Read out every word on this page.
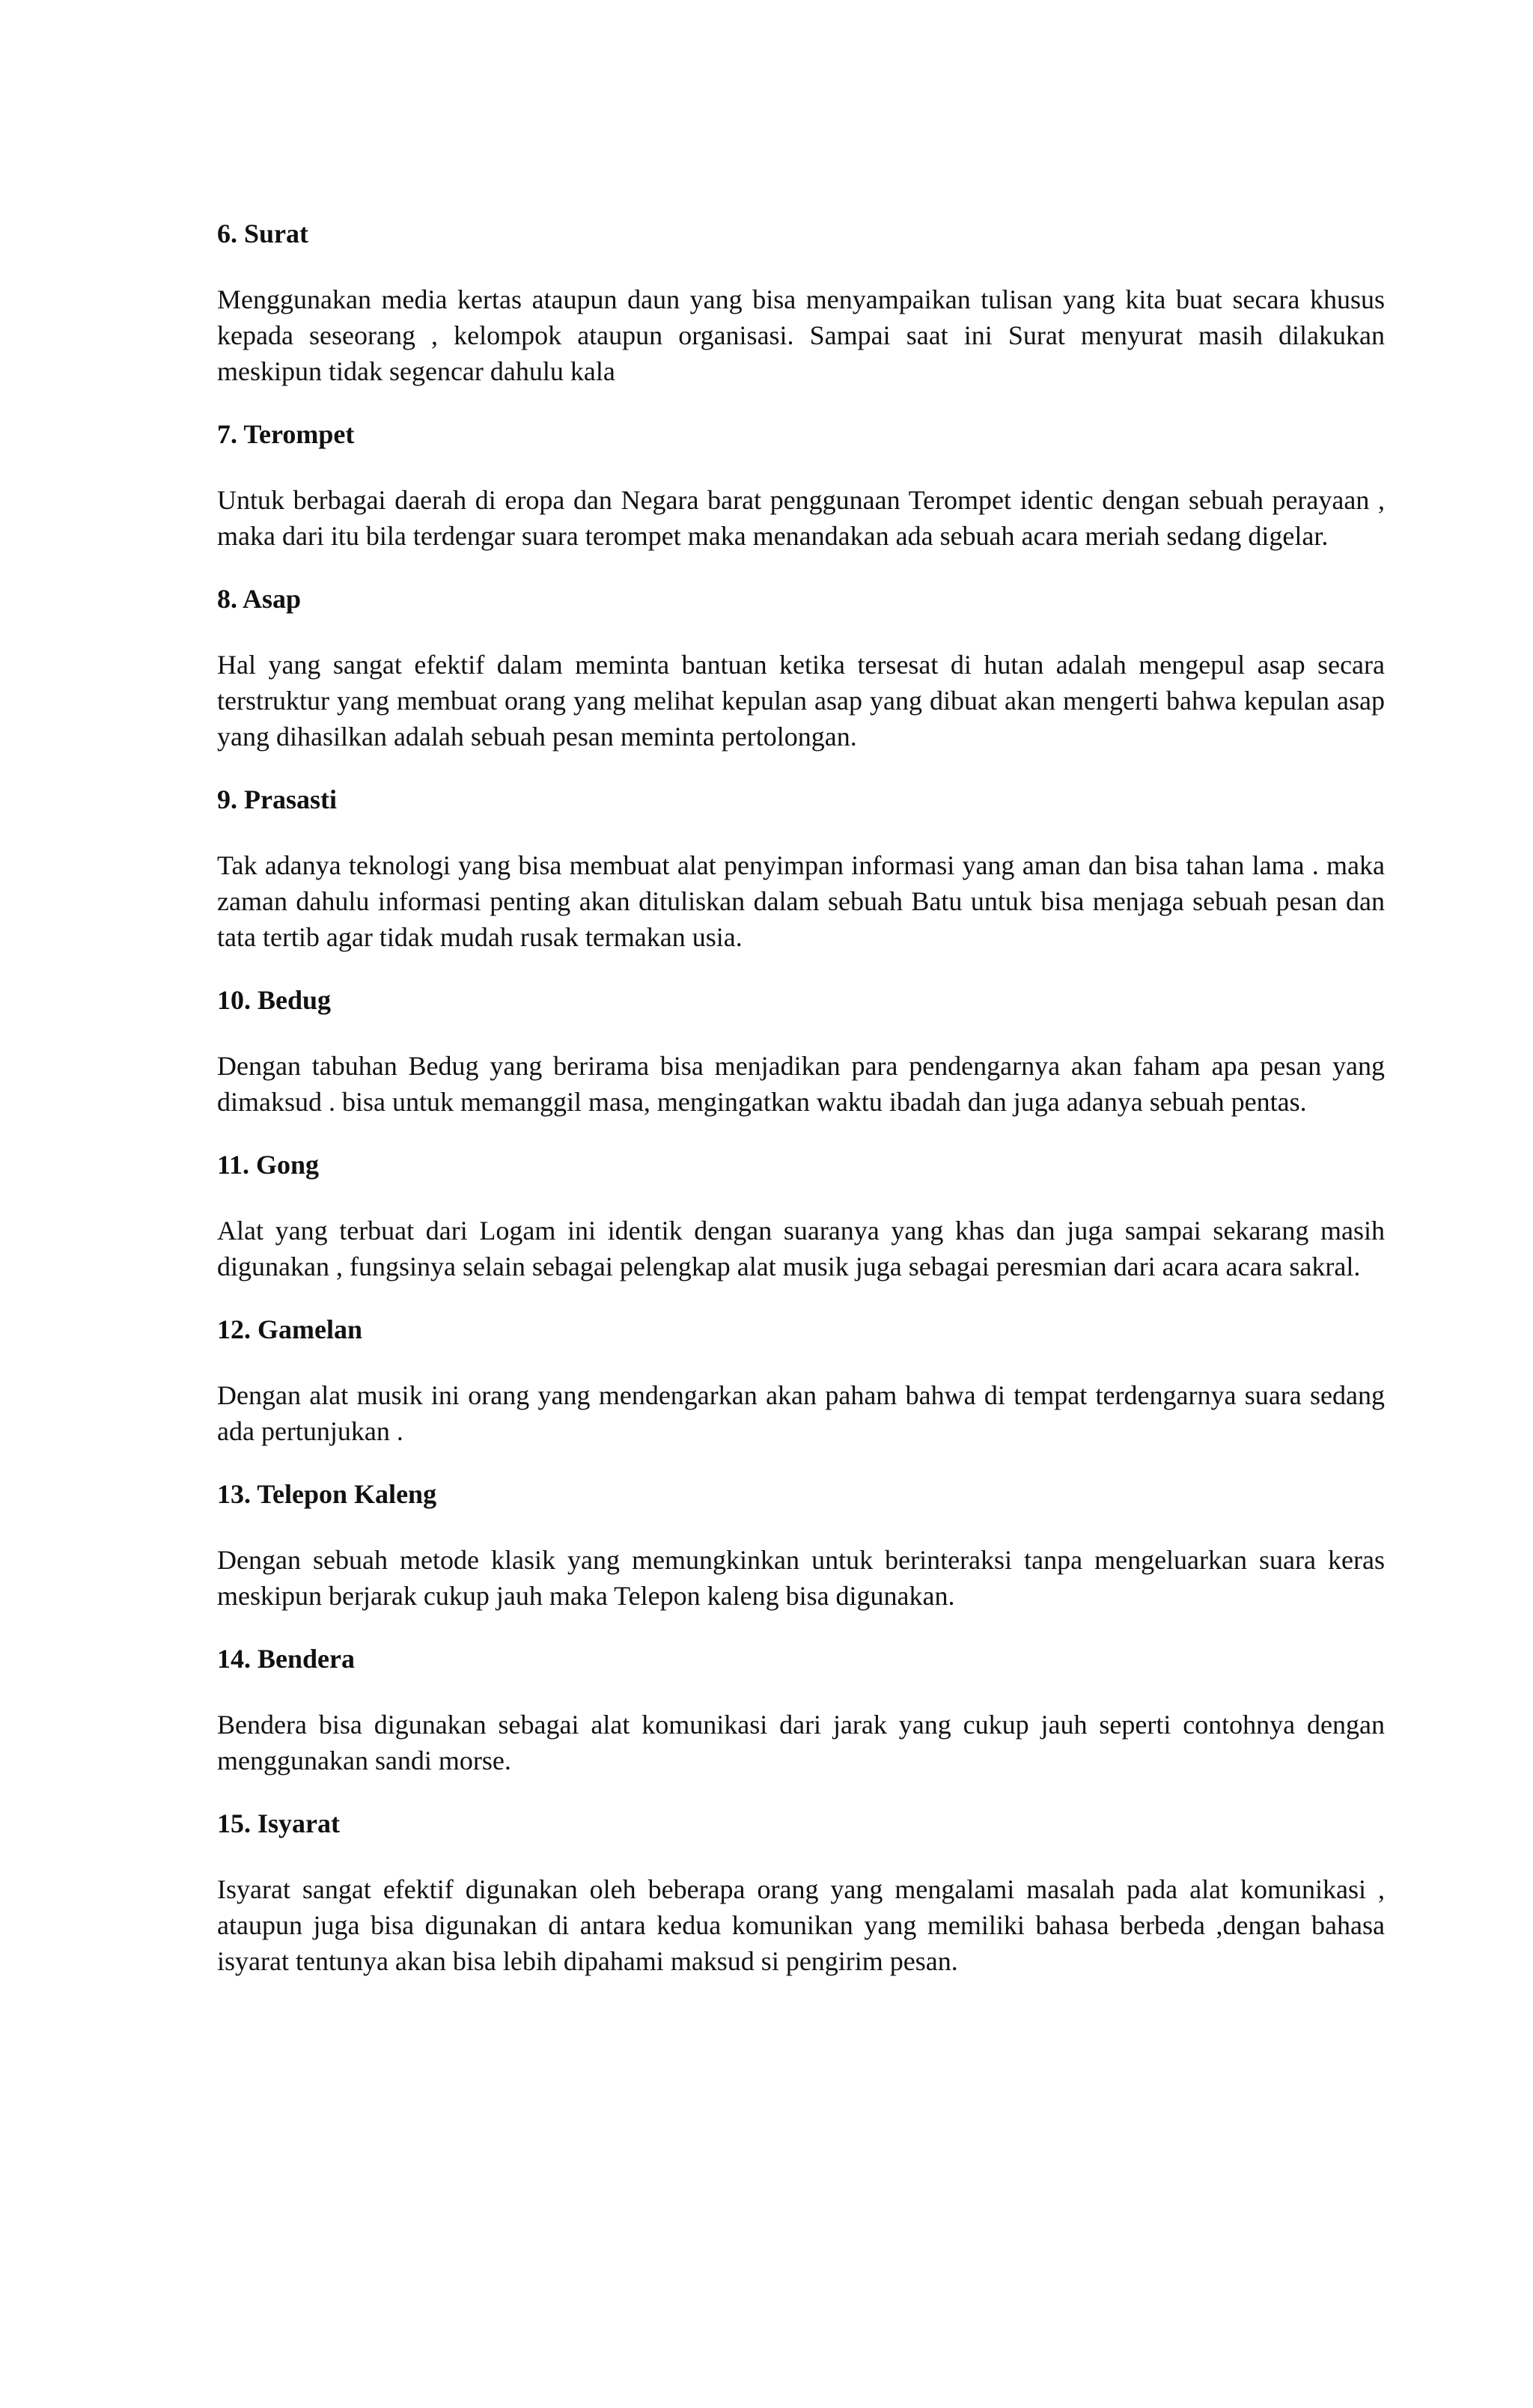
6. Surat

Menggunakan media kertas ataupun daun yang bisa menyampaikan tulisan yang kita buat secara khusus kepada seseorang , kelompok ataupun organisasi. Sampai saat ini Surat menyurat masih dilakukan meskipun tidak segencar dahulu kala

7. Terompet

Untuk berbagai daerah di eropa dan Negara barat penggunaan Terompet identic dengan sebuah perayaan , maka dari itu bila terdengar suara terompet maka menandakan ada sebuah acara meriah sedang digelar.

8. Asap

Hal yang sangat efektif dalam meminta bantuan ketika tersesat di hutan adalah mengepul asap secara terstruktur yang membuat orang yang melihat kepulan asap yang dibuat akan mengerti bahwa kepulan asap yang dihasilkan adalah sebuah pesan meminta pertolongan.

9. Prasasti

Tak adanya teknologi yang bisa membuat alat penyimpan informasi yang aman dan bisa tahan lama . maka zaman dahulu informasi penting akan dituliskan dalam sebuah Batu untuk bisa menjaga sebuah pesan dan tata tertib agar tidak mudah rusak termakan usia.

10. Bedug

Dengan tabuhan Bedug yang berirama bisa menjadikan para pendengarnya akan faham apa pesan yang dimaksud . bisa untuk memanggil masa, mengingatkan waktu ibadah dan juga adanya sebuah pentas.

11. Gong

Alat yang terbuat dari Logam ini identik dengan suaranya yang khas dan juga sampai sekarang masih digunakan , fungsinya selain sebagai pelengkap alat musik juga sebagai peresmian dari acara acara sakral.

12. Gamelan

Dengan alat musik ini orang yang mendengarkan akan paham bahwa di tempat terdengarnya suara sedang ada pertunjukan .

13. Telepon Kaleng

Dengan sebuah metode klasik yang memungkinkan untuk berinteraksi tanpa mengeluarkan suara keras meskipun berjarak cukup jauh maka Telepon kaleng bisa digunakan.

14. Bendera

Bendera bisa digunakan sebagai alat komunikasi dari jarak yang cukup jauh seperti contohnya dengan menggunakan sandi morse.

15. Isyarat

Isyarat sangat efektif digunakan oleh beberapa orang yang mengalami masalah pada alat komunikasi , ataupun juga bisa digunakan di antara kedua komunikan yang memiliki bahasa berbeda ,dengan bahasa isyarat tentunya akan bisa lebih dipahami maksud si pengirim pesan.
